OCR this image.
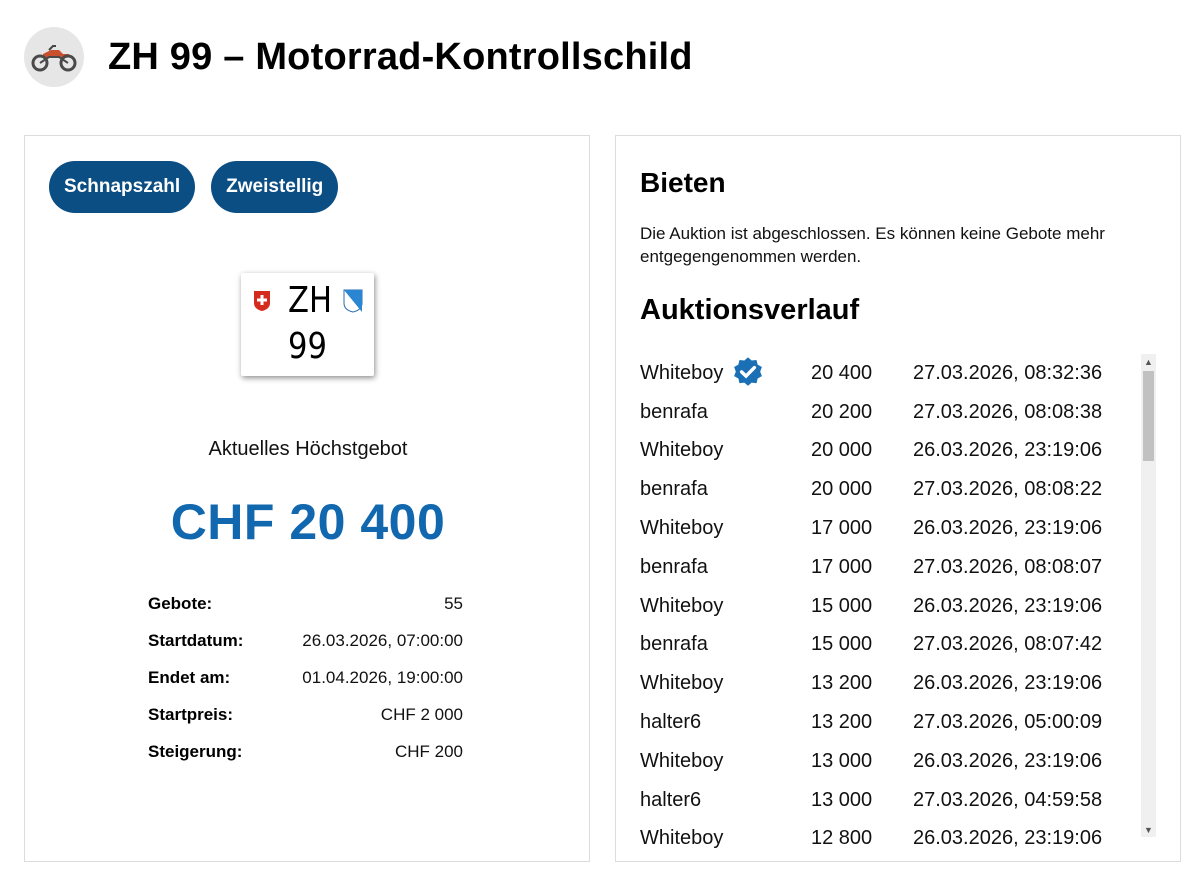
ZH 99 – Motorrad-Kontrollschild
Schnapszahl	Zweistellig
ZH
99
Aktuelles Höchstgebot
CHF 20 400
Gebote:	55
Startdatum:	26.03.2026, 07:00:00
Endet am:	01.04.2026, 19:00:00
Startpreis:	CHF 2 000
Steigerung:	CHF 200
Bieten

Die Auktion ist abgeschlossen. Es können keine Gebote mehr entgegengenommen werden.

Auktionsverlauf
Whiteboy	20 400	27.03.2026, 08:32:36
benrafa	20 200	27.03.2026, 08:08:38
Whiteboy	20 000	26.03.2026, 23:19:06
benrafa	20 000	27.03.2026, 08:08:22
Whiteboy	17 000	26.03.2026, 23:19:06
benrafa	17 000	27.03.2026, 08:08:07
Whiteboy	15 000	26.03.2026, 23:19:06
benrafa	15 000	27.03.2026, 08:07:42
Whiteboy	13 200	26.03.2026, 23:19:06
halter6	13 200	27.03.2026, 05:00:09
Whiteboy	13 000	26.03.2026, 23:19:06
halter6	13 000	27.03.2026, 04:59:58
Whiteboy	12 800	26.03.2026, 23:19:06
▲
▼
